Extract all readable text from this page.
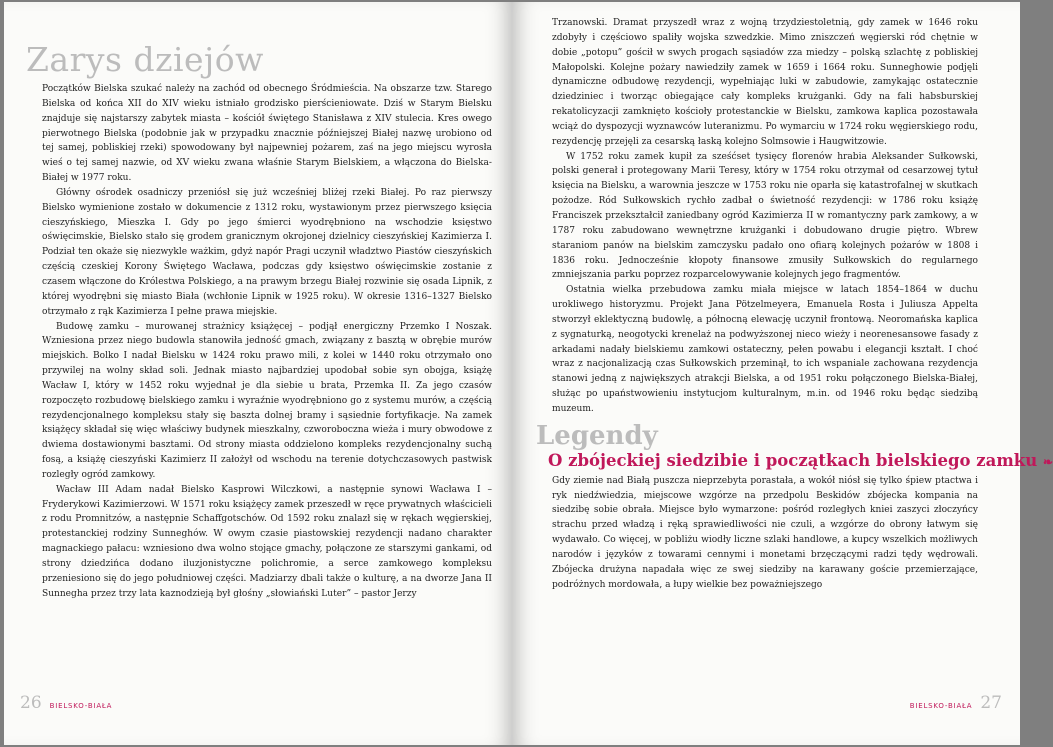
Zarys dziejów

Początków Bielska szukać należy na zachód od obecnego Śródmieścia. Na obszarze tzw. Starego Bielska od końca XII do XIV wieku istniało grodzisko pierścieniowate. Dziś w Starym Bielsku znajduje się najstarszy zabytek miasta – kościół świętego Stanisława z XIV stulecia. Kres owego pierwotnego Bielska (podobnie jak w przypadku znacznie późniejszej Białej nazwę urobiono od tej samej, pobliskiej rzeki) spowodowany był najpewniej pożarem, zaś na jego miejscu wyrosła wieś o tej samej nazwie, od XV wieku zwana właśnie Starym Bielskiem, a włączona do Bielska-Białej w 1977 roku.

Główny ośrodek osadniczy przeniósł się już wcześniej bliżej rzeki Białej. Po raz pierwszy Bielsko wymienione zostało w dokumencie z 1312 roku, wystawionym przez pierwszego księcia cieszyńskiego, Mieszka I. Gdy po jego śmierci wyodrębniono na wschodzie księstwo oświęcimskie, Bielsko stało się grodem granicznym okrojonej dzielnicy cieszyńskiej Kazimierza I. Podział ten okaże się niezwykle ważkim, gdyż napór Pragi uczynił władztwo Piastów cieszyńskich częścią czeskiej Korony Świętego Wacława, podczas gdy księstwo oświęcimskie zostanie z czasem włączone do Królestwa Polskiego, a na prawym brzegu Białej rozwinie się osada Lipnik, z której wyodrębni się miasto Biała (wchłonie Lipnik w 1925 roku). W okresie 1316–1327 Bielsko otrzymało z rąk Kazimierza I pełne prawa miejskie.

Budowę zamku – murowanej strażnicy książęcej – podjął energiczny Przemko I Noszak. Wzniesiona przez niego budowla stanowiła jedność gmach, związany z basztą w obrębie murów miejskich. Bolko I nadał Bielsku w 1424 roku prawo mili, z kolei w 1440 roku otrzymało ono przywilej na wolny skład soli. Jednak miasto najbardziej upodobał sobie syn obojga, książę Wacław I, który w 1452 roku wyjednał je dla siebie u brata, Przemka II. Za jego czasów rozpoczęto rozbudowę bielskiego zamku i wyraźnie wyodrębniono go z systemu murów, a częścią rezydencjonalnego kompleksu stały się baszta dolnej bramy i sąsiednie fortyfikacje. Na zamek książęcy składał się więc właściwy budynek mieszkalny, czworoboczna wieża i mury obwodowe z dwiema dostawionymi basztami. Od strony miasta oddzielono kompleks rezydencjonalny suchą fosą, a książę cieszyński Kazimierz II założył od wschodu na terenie dotychczasowych pastwisk rozległy ogród zamkowy.

Wacław III Adam nadał Bielsko Kasprowi Wilczkowi, a następnie synowi Wacława I – Fryderykowi Kazimierzowi. W 1571 roku książęcy zamek przeszedł w ręce prywatnych właścicieli z rodu Promnitzów, a następnie Schaffgotschów. Od 1592 roku znalazł się w rękach węgierskiej, protestanckiej rodziny Sunneghów. W owym czasie piastowskiej rezydencji nadano charakter magnackiego pałacu: wzniesiono dwa wolno stojące gmachy, połączone ze starszymi gankami, od strony dziedzińca dodano iluzjonistyczne polichromie, a serce zamkowego kompleksu przeniesiono się do jego południowej części. Madziarzy dbali także o kulturę, a na dworze Jana II Sunnegha przez trzy lata kaznodzieją był głośny „słowiański Luter” – pastor Jerzy

26 BIELSKO-BIAŁA

Trzanowski. Dramat przyszedł wraz z wojną trzydziestoletnią, gdy zamek w 1646 roku zdobyły i częściowo spaliły wojska szwedzkie. Mimo zniszczeń węgierski ród chętnie w dobie „potopu” gościł w swych progach sąsiadów zza miedzy – polską szlachtę z pobliskiej Małopolski. Kolejne pożary nawiedziły zamek w 1659 i 1664 roku. Sunneghowie podjęli dynamiczne odbudowę rezydencji, wypełniając luki w zabudowie, zamykając ostatecznie dziedziniec i tworząc obiegające cały kompleks krużganki. Gdy na fali habsburskiej rekatolicyzacji zamknięto kościoły protestanckie w Bielsku, zamkowa kaplica pozostawała wciąż do dyspozycji wyznawców luteranizmu. Po wymarciu w 1724 roku węgierskiego rodu, rezydencję przejęli za cesarską łaską kolejno Solmsowie i Haugwitzowie.

W 1752 roku zamek kupił za sześćset tysięcy florenów hrabia Aleksander Sułkowski, polski generał i protegowany Marii Teresy, który w 1754 roku otrzymał od cesarzowej tytuł księcia na Bielsku, a warownia jeszcze w 1753 roku nie oparła się katastrofalnej w skutkach pożodze. Ród Sułkowskich rychło zadbał o świetność rezydencji: w 1786 roku książę Franciszek przekształcił zaniedbany ogród Kazimierza II w romantyczny park zamkowy, a w 1787 roku zabudowano wewnętrzne krużganki i dobudowano drugie piętro. Wbrew staraniom panów na bielskim zamczysku padało ono ofiarą kolejnych pożarów w 1808 i 1836 roku. Jednocześnie kłopoty finansowe zmusiły Sułkowskich do regularnego zmniejszania parku poprzez rozparcelowywanie kolejnych jego fragmentów.

Ostatnia wielka przebudowa zamku miała miejsce w latach 1854–1864 w duchu urokliwego historyzmu. Projekt Jana Pötzelmeyera, Emanuela Rosta i Juliusza Appelta stworzył eklektyczną budowlę, a północną elewację uczynił frontową. Neoromańska kaplica z sygnaturką, neogotycki krenelaż na podwyższonej nieco wieży i neorenesansowe fasady z arkadami nadały bielskiemu zamkowi ostateczny, pełen powabu i elegancji kształt. I choć wraz z nacjonalizacją czas Sułkowskich przeminął, to ich wspaniale zachowana rezydencja stanowi jedną z największych atrakcji Bielska, a od 1951 roku połączonego Bielska-Białej, służąc po upaństwowieniu instytucjom kulturalnym, m.in. od 1946 roku będąc siedzibą muzeum.

Legendy
O zbójeckiej siedzibie i początkach bielskiego zamku ❧

Gdy ziemie nad Białą puszcza nieprzebyta porastała, a wokół niósł się tylko śpiew ptactwa i ryk niedźwiedzia, miejscowe wzgórze na przedpolu Beskidów zbójecka kompania na siedzibę sobie obrała. Miejsce było wymarzone: pośród rozległych kniei zaszyci złoczyńcy strachu przed władzą i ręką sprawiedliwości nie czuli, a wzgórze do obrony łatwym się wydawało. Co więcej, w pobliżu wiodły liczne szlaki handlowe, a kupcy wszelkich możliwych narodów i języków z towarami cennymi i monetami brzęczącymi radzi tędy wędrowali. Zbójecka drużyna napadała więc ze swej siedziby na karawany goście przemierzające, podróżnych mordowała, a łupy wielkie bez poważniejszego

BIELSKO-BIAŁA 27
